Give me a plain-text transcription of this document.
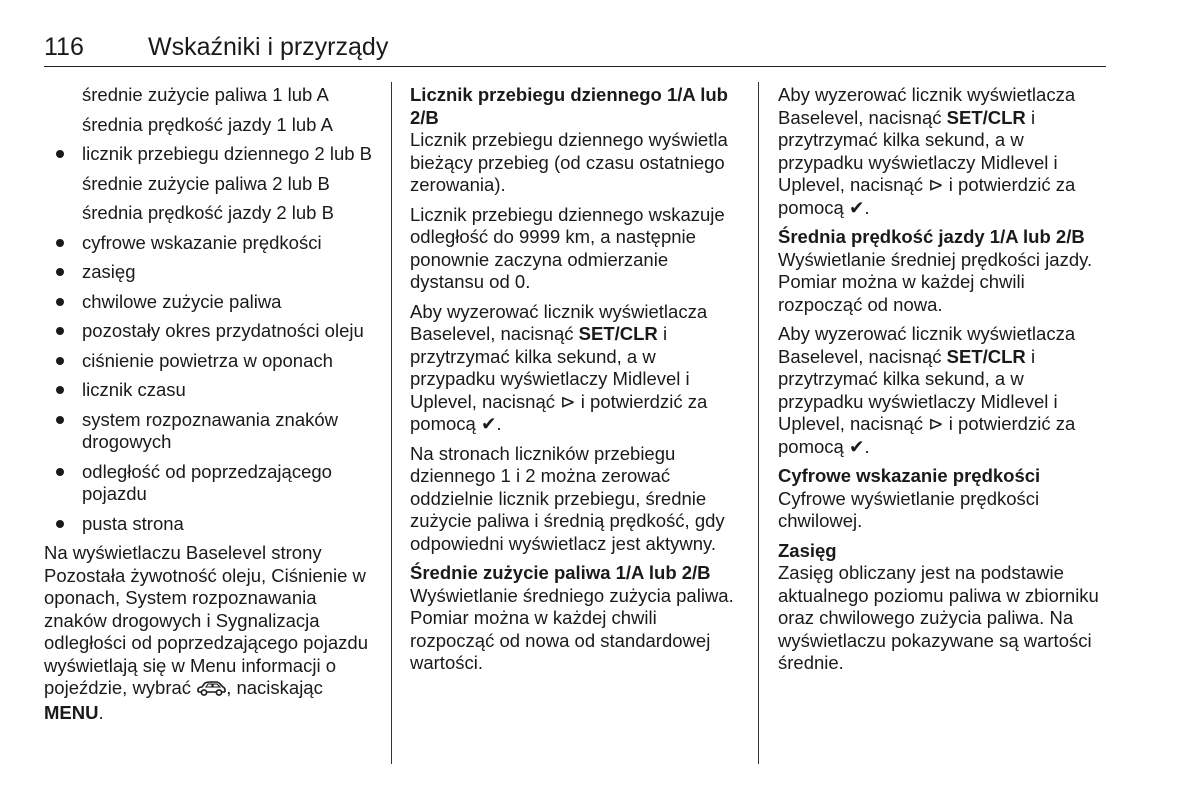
116	Wskaźniki i przyrządy
średnie zużycie paliwa 1 lub A
średnia prędkość jazdy 1 lub A
licznik przebiegu dziennego 2 lub B
średnie zużycie paliwa 2 lub B
średnia prędkość jazdy 2 lub B
cyfrowe wskazanie prędkości
zasięg
chwilowe zużycie paliwa
pozostały okres przydatności oleju
ciśnienie powietrza w oponach
licznik czasu
system rozpoznawania znaków drogowych
odległość od poprzedzającego pojazdu
pusta strona

Na wyświetlaczu Baselevel strony Pozostała żywotność oleju, Ciśnienie w oponach, System rozpoznawania znaków drogowych i Sygnalizacja odległości od poprzedzającego pojazdu wyświetlają się w Menu informacji o pojeździe, wybrać , naciskając MENU.

Licznik przebiegu dziennego 1/A lub 2/B

Licznik przebiegu dziennego wyświetla bieżący przebieg (od czasu ostatniego zerowania).

Licznik przebiegu dziennego wskazuje odległość do 9999 km, a następnie ponownie zaczyna odmierzanie dystansu od 0.

Aby wyzerować licznik wyświetlacza Baselevel, nacisnąć SET/CLR i przytrzymać kilka sekund, a w przypadku wyświetlaczy Midlevel i Uplevel, nacisnąć ⊳ i potwierdzić za pomocą ✔.

Na stronach liczników przebiegu dziennego 1 i 2 można zerować oddzielnie licznik przebiegu, średnie zużycie paliwa i średnią prędkość, gdy odpowiedni wyświetlacz jest aktywny.

Średnie zużycie paliwa 1/A lub 2/B

Wyświetlanie średniego zużycia paliwa. Pomiar można w każdej chwili rozpocząć od nowa od standardowej wartości.

Aby wyzerować licznik wyświetlacza Baselevel, nacisnąć SET/CLR i przytrzymać kilka sekund, a w przypadku wyświetlaczy Midlevel i Uplevel, nacisnąć ⊳ i potwierdzić za pomocą ✔.

Średnia prędkość jazdy 1/A lub 2/B

Wyświetlanie średniej prędkości jazdy. Pomiar można w każdej chwili rozpocząć od nowa.

Aby wyzerować licznik wyświetlacza Baselevel, nacisnąć SET/CLR i przytrzymać kilka sekund, a w przypadku wyświetlaczy Midlevel i Uplevel, nacisnąć ⊳ i potwierdzić za pomocą ✔.

Cyfrowe wskazanie prędkości

Cyfrowe wyświetlanie prędkości chwilowej.

Zasięg

Zasięg obliczany jest na podstawie aktualnego poziomu paliwa w zbiorniku oraz chwilowego zużycia paliwa. Na wyświetlaczu pokazywane są wartości średnie.
